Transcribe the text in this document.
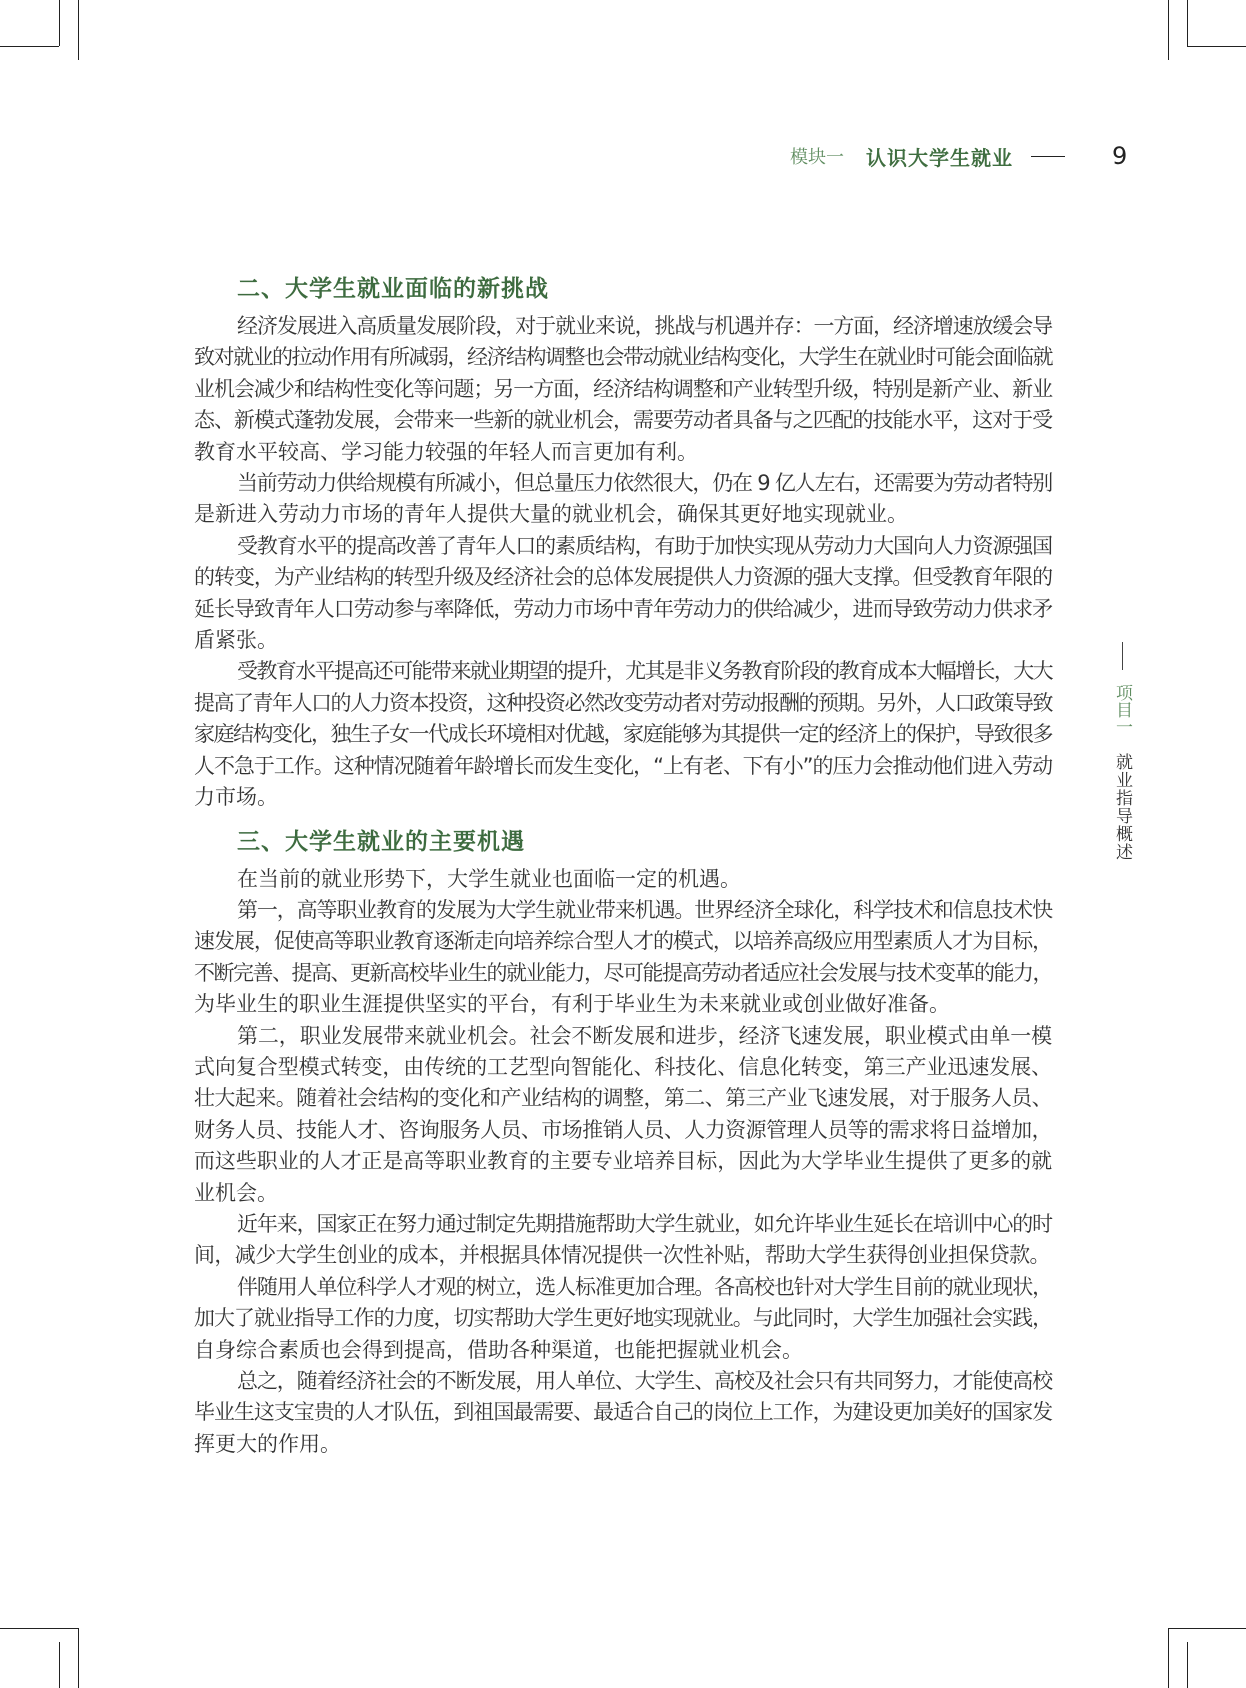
模块一 认识大学生就业	9
项目一
就业指导概述
二、大学生就业面临的新挑战
经济发展进入高质量发展阶段，对于就业来说，挑战与机遇并存：一方面，经济增速放缓会导
致对就业的拉动作用有所减弱，经济结构调整也会带动就业结构变化，大学生在就业时可能会面临就
业机会减少和结构性变化等问题；另一方面，经济结构调整和产业转型升级，特别是新产业、新业
态、新模式蓬勃发展，会带来一些新的就业机会，需要劳动者具备与之匹配的技能水平，这对于受
教育水平较高、学习能力较强的年轻人而言更加有利。
当前劳动力供给规模有所减小，但总量压力依然很大，仍在 9 亿人左右，还需要为劳动者特别
是新进入劳动力市场的青年人提供大量的就业机会，确保其更好地实现就业。
受教育水平的提高改善了青年人口的素质结构，有助于加快实现从劳动力大国向人力资源强国
的转变，为产业结构的转型升级及经济社会的总体发展提供人力资源的强大支撑。但受教育年限的
延长导致青年人口劳动参与率降低，劳动力市场中青年劳动力的供给减少，进而导致劳动力供求矛
盾紧张。
受教育水平提高还可能带来就业期望的提升，尤其是非义务教育阶段的教育成本大幅增长，大大
提高了青年人口的人力资本投资，这种投资必然改变劳动者对劳动报酬的预期。另外，人口政策导致
家庭结构变化，独生子女一代成长环境相对优越，家庭能够为其提供一定的经济上的保护，导致很多
人不急于工作。这种情况随着年龄增长而发生变化，“上有老、下有小”的压力会推动他们进入劳动
力市场。
三、大学生就业的主要机遇
在当前的就业形势下，大学生就业也面临一定的机遇。
第一，高等职业教育的发展为大学生就业带来机遇。世界经济全球化，科学技术和信息技术快
速发展，促使高等职业教育逐渐走向培养综合型人才的模式，以培养高级应用型素质人才为目标，
不断完善、提高、更新高校毕业生的就业能力，尽可能提高劳动者适应社会发展与技术变革的能力，
为毕业生的职业生涯提供坚实的平台，有利于毕业生为未来就业或创业做好准备。
第二，职业发展带来就业机会。社会不断发展和进步，经济飞速发展，职业模式由单一模
式向复合型模式转变，由传统的工艺型向智能化、科技化、信息化转变，第三产业迅速发展、
壮大起来。随着社会结构的变化和产业结构的调整，第二、第三产业飞速发展，对于服务人员、
财务人员、技能人才、咨询服务人员、市场推销人员、人力资源管理人员等的需求将日益增加，
而这些职业的人才正是高等职业教育的主要专业培养目标，因此为大学毕业生提供了更多的就
业机会。
近年来，国家正在努力通过制定先期措施帮助大学生就业，如允许毕业生延长在培训中心的时
间，减少大学生创业的成本，并根据具体情况提供一次性补贴，帮助大学生获得创业担保贷款。
伴随用人单位科学人才观的树立，选人标准更加合理。各高校也针对大学生目前的就业现状，
加大了就业指导工作的力度，切实帮助大学生更好地实现就业。与此同时，大学生加强社会实践，
自身综合素质也会得到提高，借助各种渠道，也能把握就业机会。
总之，随着经济社会的不断发展，用人单位、大学生、高校及社会只有共同努力，才能使高校
毕业生这支宝贵的人才队伍，到祖国最需要、最适合自己的岗位上工作，为建设更加美好的国家发
挥更大的作用。
